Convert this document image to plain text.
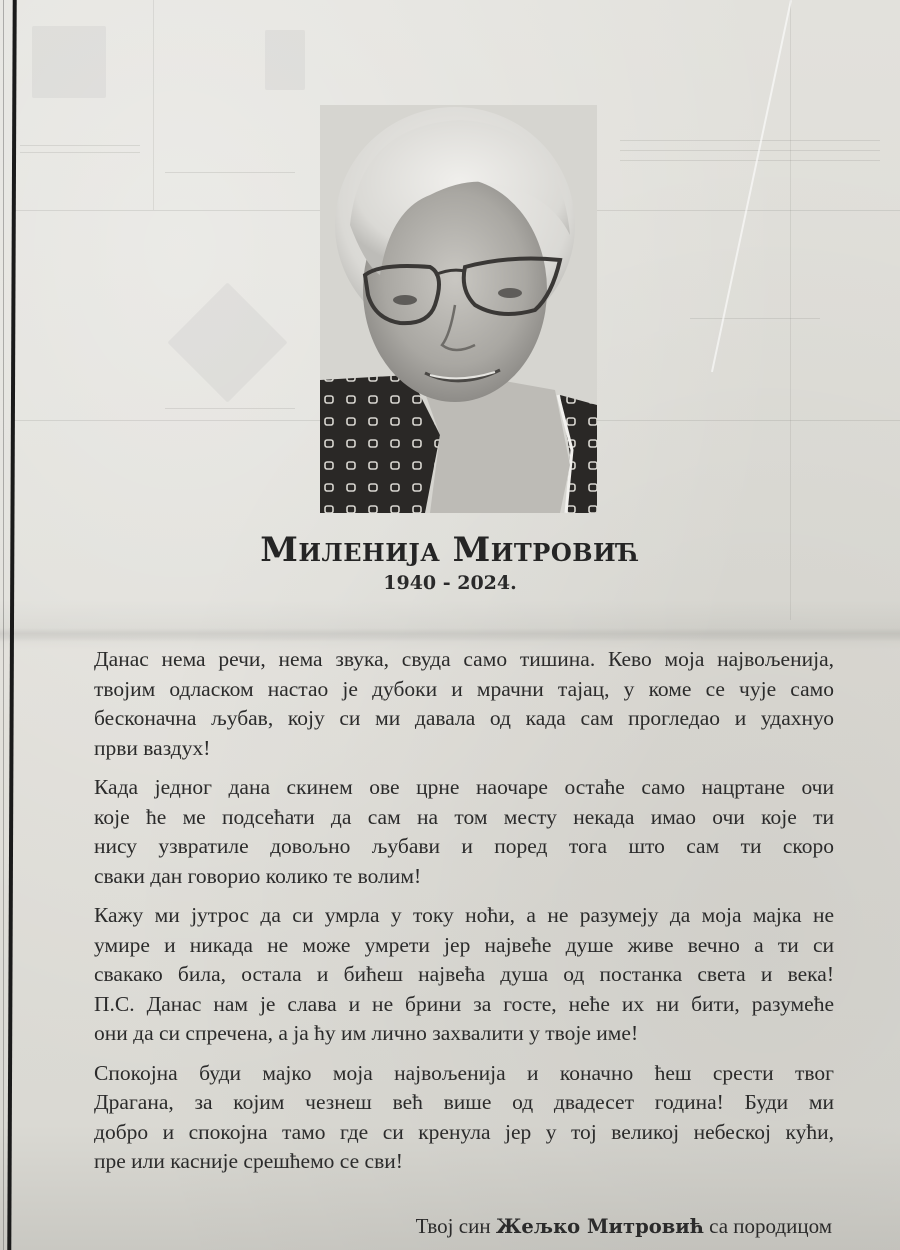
Миленија Митровић
1940 - 2024.

Данас нема речи, нема звука, свуда само тишина. Кево моја највољенија,
твојим одласком настао је дубоки и мрачни тајац, у коме се чује само
бесконачна љубав, коју си ми давала од када сам прогледао и удахнуо
први ваздух!

Када једног дана скинем ове црне наочаре остаће само нацртане очи
које ће ме подсећати да сам на том месту некада имао очи које ти
нису узвратиле довољно љубави и поред тога што сам ти скоро
сваки дан говорио колико те волим!

Кажу ми јутрос да си умрла у току ноћи, а не разумеју да моја мајка не
умире и никада не може умрети јер највеће душе живе вечно а ти си
свакако била, остала и бићеш највећа душа од постанка света и века!
П.С. Данас нам је слава и не брини за госте, неће их ни бити, разумеће
они да си спречена, а ја ћу им лично захвалити у твоје име!

Спокојна буди мајко моја највољенија и коначно ћеш срести твог
Драгана, за којим чезнеш већ више од двадесет година! Буди ми
добро и спокојна тамо где си кренула јер у тој великој небеској кући,
пре или касније срешћемо се сви!

Твој син Жељко Митровић са породицом
